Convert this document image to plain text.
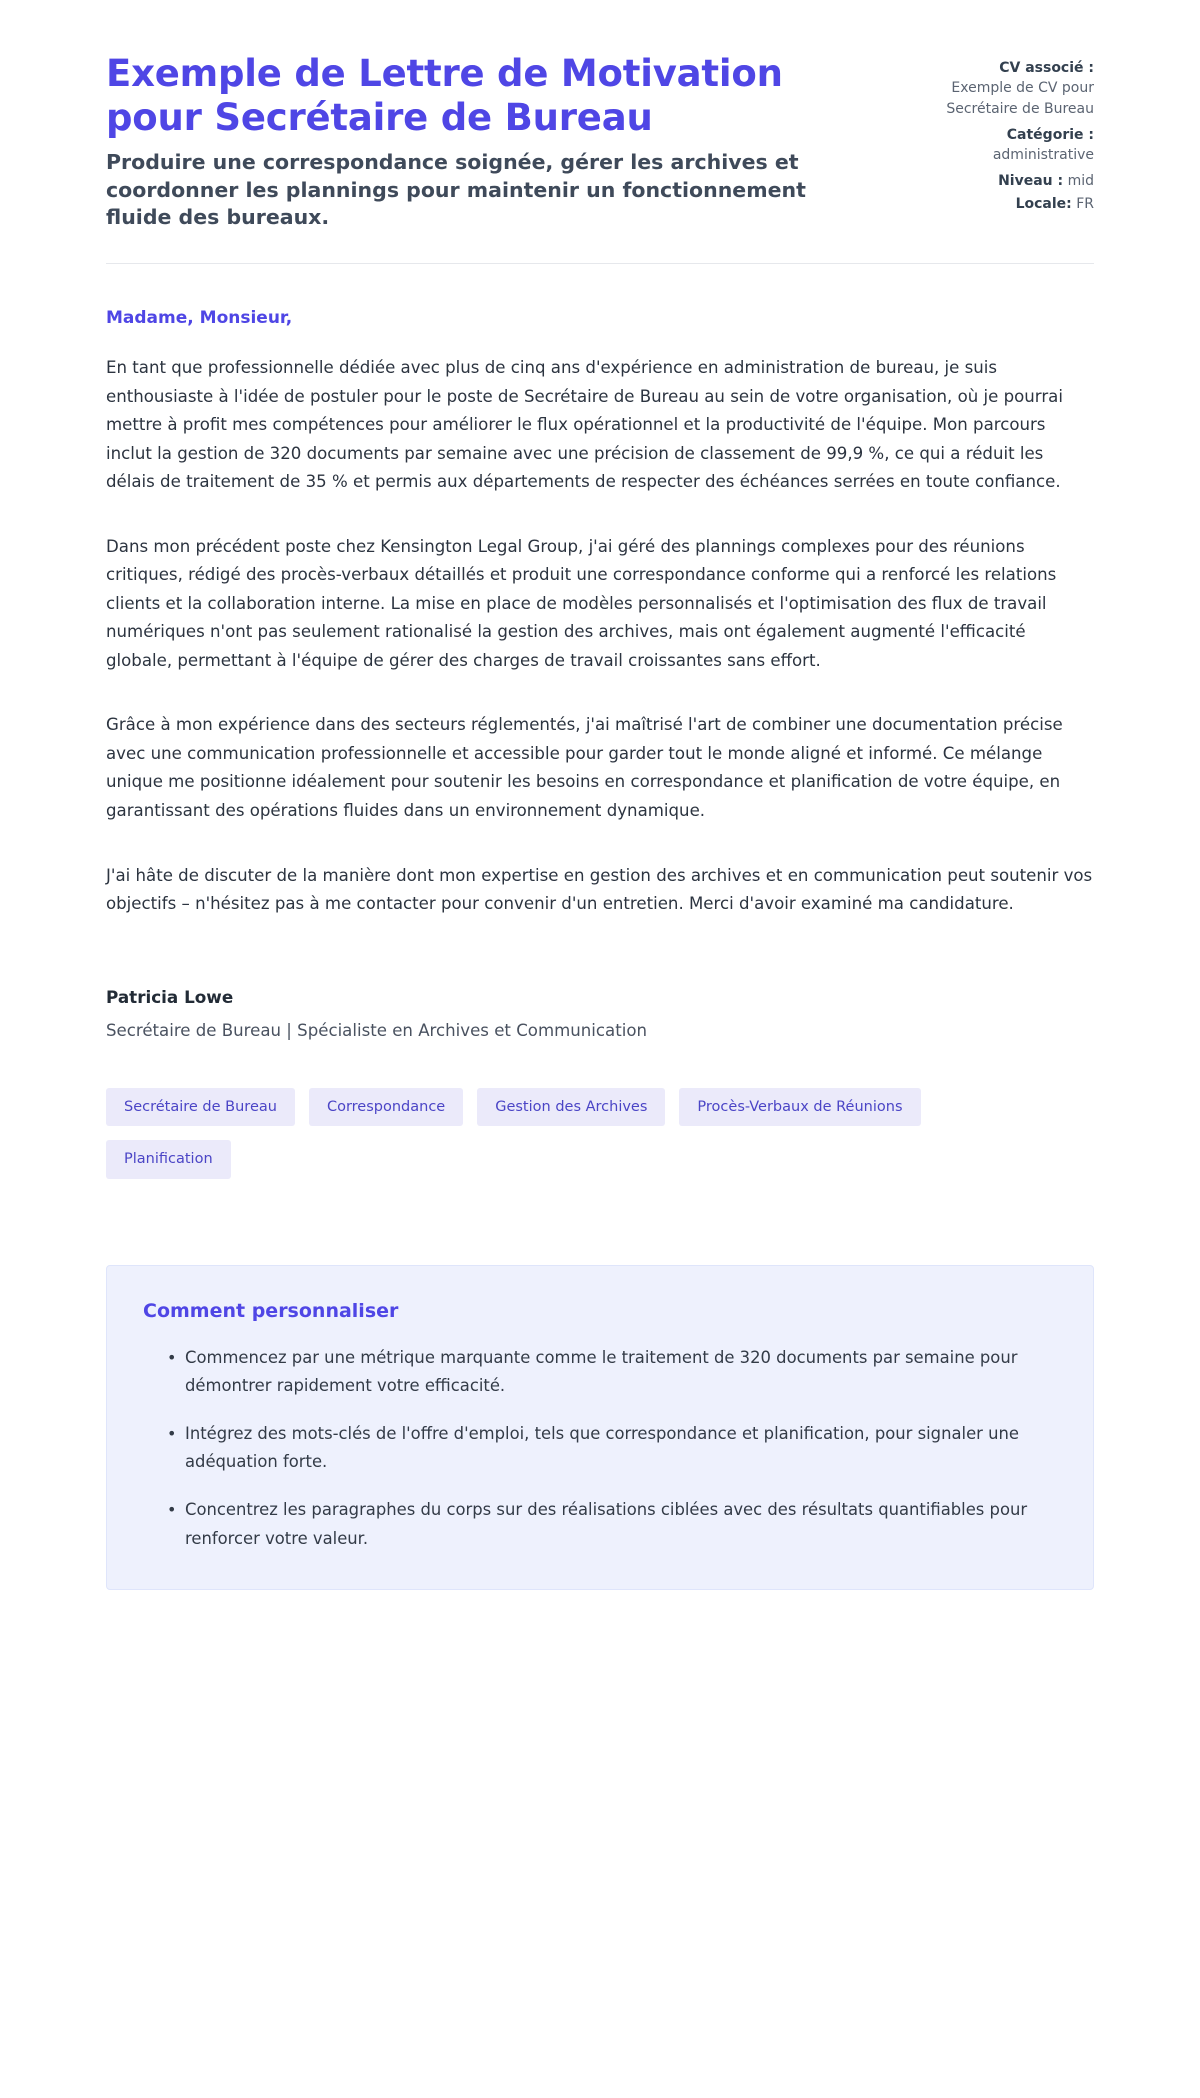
Exemple de Lettre de Motivation pour Secrétaire de Bureau

Produire une correspondance soignée, gérer les archives et coordonner les plannings pour maintenir un fonctionnement fluide des bureaux.

CV associé :
Exemple de CV pour Secrétaire de Bureau
Catégorie :
administrative
Niveau : mid
Locale: FR

Madame, Monsieur,

En tant que professionnelle dédiée avec plus de cinq ans d'expérience en administration de bureau, je suis enthousiaste à l'idée de postuler pour le poste de Secrétaire de Bureau au sein de votre organisation, où je pourrai mettre à profit mes compétences pour améliorer le flux opérationnel et la productivité de l'équipe. Mon parcours inclut la gestion de 320 documents par semaine avec une précision de classement de 99,9 %, ce qui a réduit les délais de traitement de 35 % et permis aux départements de respecter des échéances serrées en toute confiance.

Dans mon précédent poste chez Kensington Legal Group, j'ai géré des plannings complexes pour des réunions critiques, rédigé des procès-verbaux détaillés et produit une correspondance conforme qui a renforcé les relations clients et la collaboration interne. La mise en place de modèles personnalisés et l'optimisation des flux de travail numériques n'ont pas seulement rationalisé la gestion des archives, mais ont également augmenté l'efficacité globale, permettant à l'équipe de gérer des charges de travail croissantes sans effort.

Grâce à mon expérience dans des secteurs réglementés, j'ai maîtrisé l'art de combiner une documentation précise avec une communication professionnelle et accessible pour garder tout le monde aligné et informé. Ce mélange unique me positionne idéalement pour soutenir les besoins en correspondance et planification de votre équipe, en garantissant des opérations fluides dans un environnement dynamique.

J'ai hâte de discuter de la manière dont mon expertise en gestion des archives et en communication peut soutenir vos objectifs – n'hésitez pas à me contacter pour convenir d'un entretien. Merci d'avoir examiné ma candidature.

Patricia Lowe

Secrétaire de Bureau | Spécialiste en Archives et Communication

Secrétaire de Bureau	Correspondance	Gestion des Archives	Procès-Verbaux de Réunions
Planification
Comment personnaliser
• Commencez par une métrique marquante comme le traitement de 320 documents par semaine pour démontrer rapidement votre efficacité.
• Intégrez des mots-clés de l'offre d'emploi, tels que correspondance et planification, pour signaler une adéquation forte.
• Concentrez les paragraphes du corps sur des réalisations ciblées avec des résultats quantifiables pour renforcer votre valeur.
